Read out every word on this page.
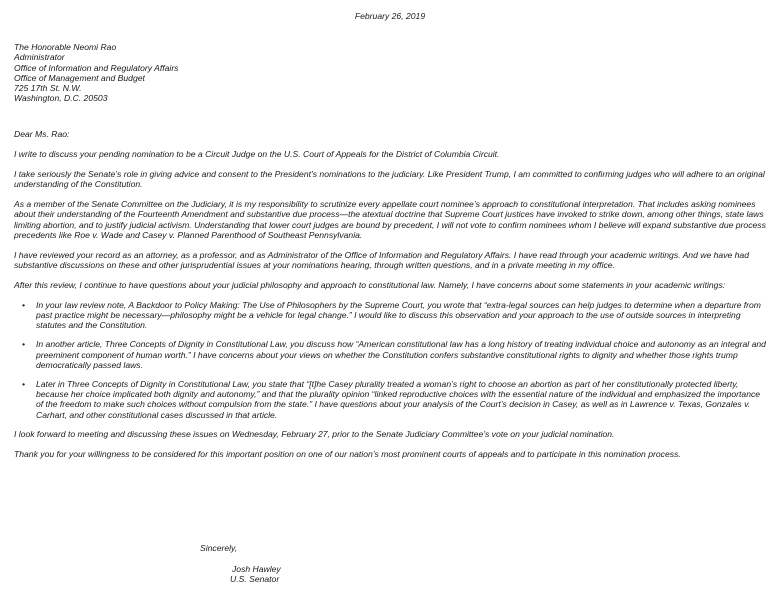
February 26, 2019
The Honorable Neomi Rao
Administrator
Office of Information and Regulatory Affairs
Office of Management and Budget
725 17th St. N.W.
Washington, D.C. 20503

Dear Ms. Rao:

I write to discuss your pending nomination to be a Circuit Judge on the U.S. Court of Appeals for the District of Columbia Circuit.

I take seriously the Senate’s role in giving advice and consent to the President’s nominations to the judiciary. Like President Trump, I am committed to confirming judges who will adhere to an original understanding of the Constitution.

As a member of the Senate Committee on the Judiciary, it is my responsibility to scrutinize every appellate court nominee’s approach to constitutional interpretation. That includes asking nominees about their understanding of the Fourteenth Amendment and substantive due process—the atextual doctrine that Supreme Court justices have invoked to strike down, among other things, state laws limiting abortion, and to justify judicial activism. Understanding that lower court judges are bound by precedent, I will not vote to confirm nominees whom I believe will expand substantive due process precedents like Roe v. Wade and Casey v. Planned Parenthood of Southeast Pennsylvania.

I have reviewed your record as an attorney, as a professor, and as Administrator of the Office of Information and Regulatory Affairs. I have read through your academic writings. And we have had substantive discussions on these and other jurisprudential issues at your nominations hearing, through written questions, and in a private meeting in my office.

After this review, I continue to have questions about your judicial philosophy and approach to constitutional law. Namely, I have concerns about some statements in your academic writings:

• In your law review note, A Backdoor to Policy Making: The Use of Philosophers by the Supreme Court, you wrote that “extra-legal sources can help judges to determine when a departure from past practice might be necessary—philosophy might be a vehicle for legal change.” I would like to discuss this observation and your approach to the use of outside sources in interpreting statutes and the Constitution.
• In another article, Three Concepts of Dignity in Constitutional Law, you discuss how “American constitutional law has a long history of treating individual choice and autonomy as an integral and preeminent component of human worth.” I have concerns about your views on whether the Constitution confers substantive constitutional rights to dignity and whether those rights trump democratically passed laws.
• Later in Three Concepts of Dignity in Constitutional Law, you state that “[t]he Casey plurality treated a woman’s right to choose an abortion as part of her constitutionally protected liberty, because her choice implicated both dignity and autonomy,” and that the plurality opinion “linked reproductive choices with the essential nature of the individual and emphasized the importance of the freedom to make such choices without compulsion from the state.” I have questions about your analysis of the Court’s decision in Casey, as well as in Lawrence v. Texas, Gonzales v. Carhart, and other constitutional cases discussed in that article.

I look forward to meeting and discussing these issues on Wednesday, February 27, prior to the Senate Judiciary Committee’s vote on your judicial nomination.

Thank you for your willingness to be considered for this important position on one of our nation’s most prominent courts of appeals and to participate in this nomination process.

Sincerely,
Josh Hawley
U.S. Senator
